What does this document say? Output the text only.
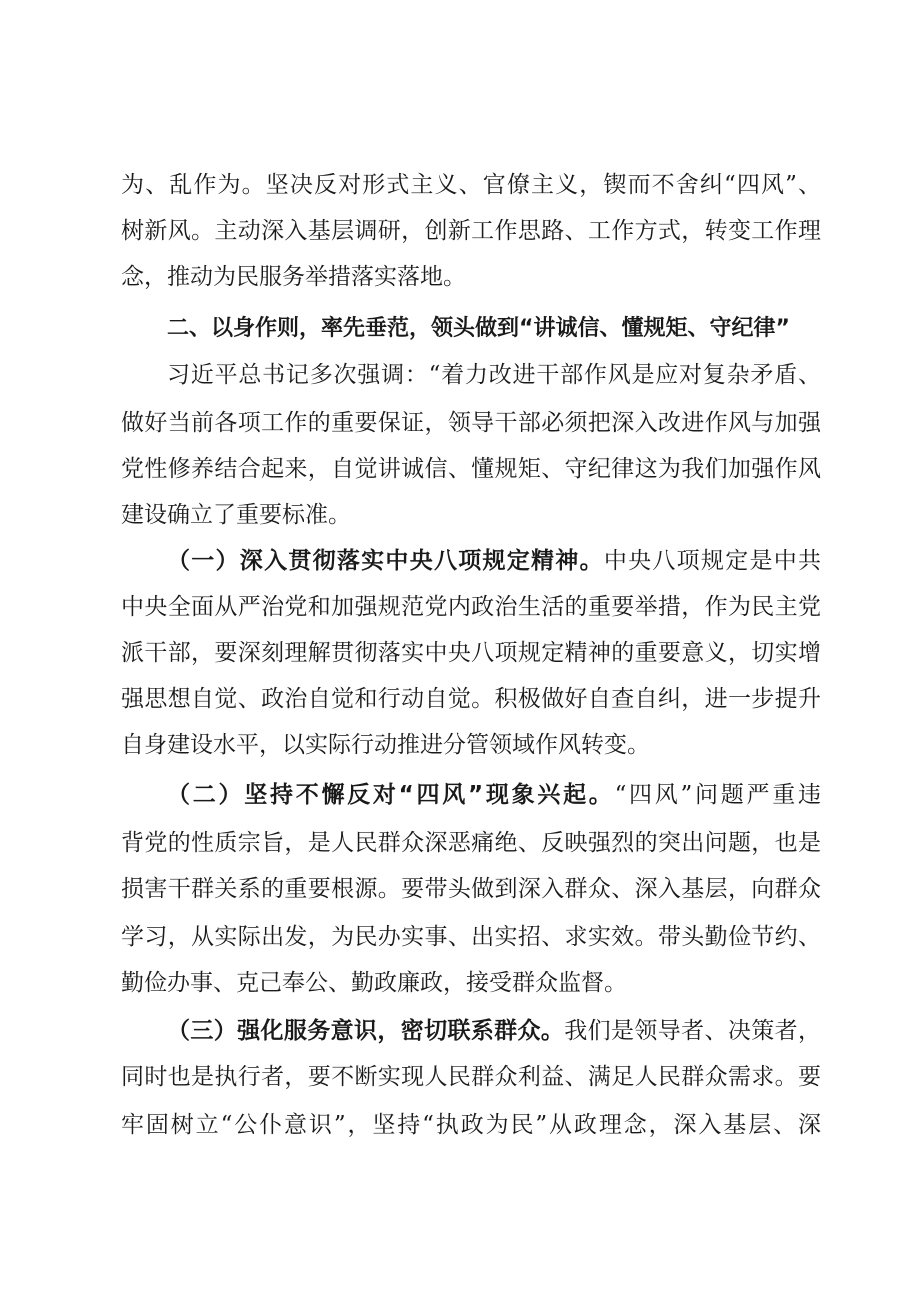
为、乱作为。坚决反对形式主义、官僚主义，锲而不舍纠“四风”、
树新风。主动深入基层调研，创新工作思路、工作方式，转变工作理
念，推动为民服务举措落实落地。
二、以身作则，率先垂范，领头做到“讲诚信、懂规矩、守纪律”
习近平总书记多次强调：“着力改进干部作风是应对复杂矛盾、
做好当前各项工作的重要保证，领导干部必须把深入改进作风与加强
党性修养结合起来，自觉讲诚信、懂规矩、守纪律这为我们加强作风
建设确立了重要标准。
（一）深入贯彻落实中央八项规定精神。中央八项规定是中共
中央全面从严治党和加强规范党内政治生活的重要举措，作为民主党
派干部，要深刻理解贯彻落实中央八项规定精神的重要意义，切实增
强思想自觉、政治自觉和行动自觉。积极做好自查自纠，进一步提升
自身建设水平，以实际行动推进分管领域作风转变。
（二）坚持不懈反对“四风”现象兴起。“四风”问题严重违
背党的性质宗旨，是人民群众深恶痛绝、反映强烈的突出问题，也是
损害干群关系的重要根源。要带头做到深入群众、深入基层，向群众
学习，从实际出发，为民办实事、出实招、求实效。带头勤俭节约、
勤俭办事、克己奉公、勤政廉政，接受群众监督。
（三）强化服务意识，密切联系群众。我们是领导者、决策者，
同时也是执行者，要不断实现人民群众利益、满足人民群众需求。要
牢固树立“公仆意识”，坚持“执政为民”从政理念，深入基层、深
